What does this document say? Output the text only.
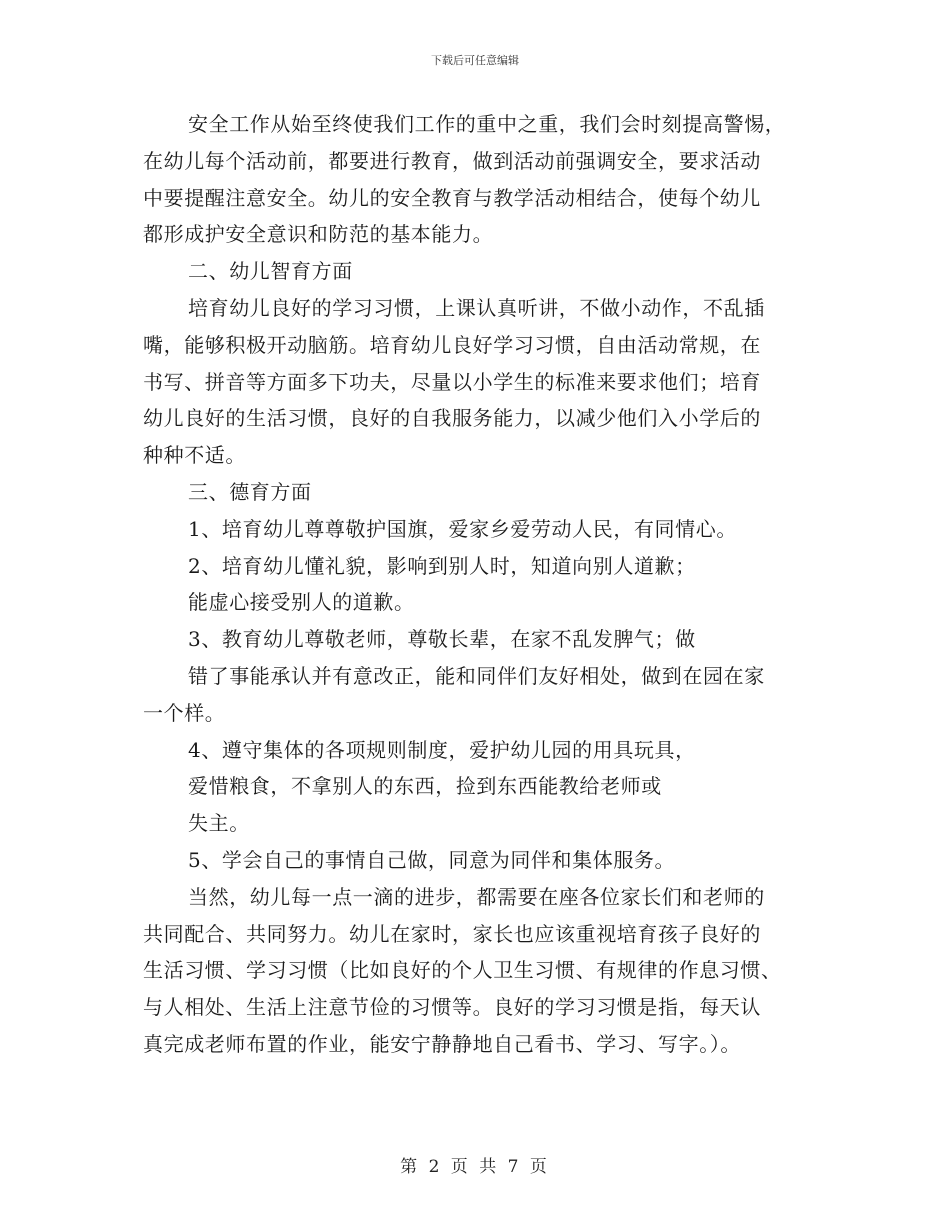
下载后可任意编辑
安全工作从始至终使我们工作的重中之重，我们会时刻提高警惕，
在幼儿每个活动前，都要进行教育，做到活动前强调安全，要求活动
中要提醒注意安全。幼儿的安全教育与教学活动相结合，使每个幼儿
都形成护安全意识和防范的基本能力。
二、幼儿智育方面
培育幼儿良好的学习习惯，上课认真听讲，不做小动作，不乱插
嘴，能够积极开动脑筋。培育幼儿良好学习习惯，自由活动常规，在
书写、拼音等方面多下功夫，尽量以小学生的标准来要求他们；培育
幼儿良好的生活习惯，良好的自我服务能力，以减少他们入小学后的
种种不适。
三、德育方面
1、培育幼儿尊尊敬护国旗，爱家乡爱劳动人民，有同情心。
2、培育幼儿懂礼貌，影响到别人时，知道向别人道歉；
能虚心接受别人的道歉。
3、教育幼儿尊敬老师，尊敬长辈，在家不乱发脾气；做
错了事能承认并有意改正，能和同伴们友好相处，做到在园在家
一个样。
4、遵守集体的各项规则制度，爱护幼儿园的用具玩具，
爱惜粮食，不拿别人的东西，捡到东西能教给老师或
失主。
5、学会自己的事情自己做，同意为同伴和集体服务。
当然，幼儿每一点一滴的进步，都需要在座各位家长们和老师的
共同配合、共同努力。幼儿在家时，家长也应该重视培育孩子良好的
生活习惯、学习习惯（比如良好的个人卫生习惯、有规律的作息习惯、
与人相处、生活上注意节俭的习惯等。良好的学习习惯是指，每天认
真完成老师布置的作业，能安宁静静地自己看书、学习、写字。）。
第 2 页 共 7 页
